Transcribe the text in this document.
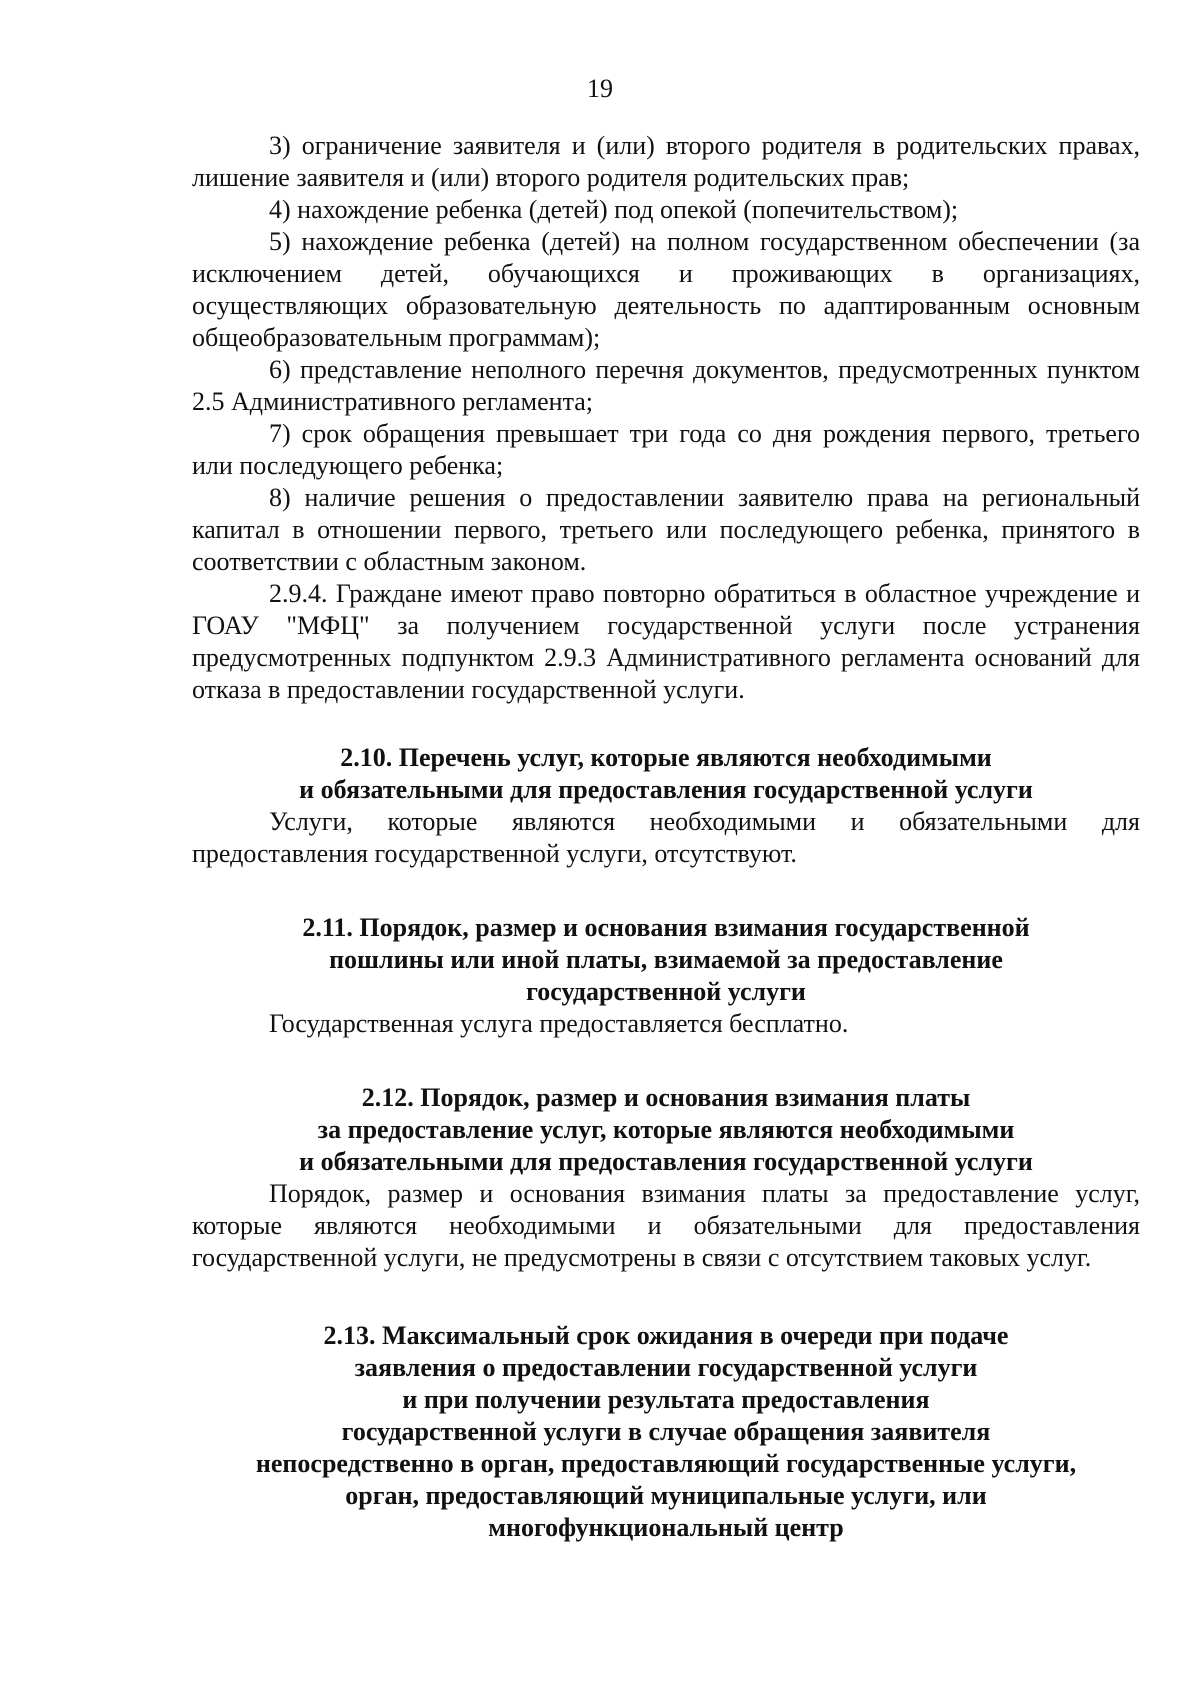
19

3) ограничение заявителя и (или) второго родителя в родительских правах, лишение заявителя и (или) второго родителя родительских прав;

4) нахождение ребенка (детей) под опекой (попечительством);

5) нахождение ребенка (детей) на полном государственном обеспечении (за исключением детей, обучающихся и проживающих в организациях, осуществляющих образовательную деятельность по адаптированным основным общеобразовательным программам);

6) представление неполного перечня документов, предусмотренных пунктом 2.5 Административного регламента;

7) срок обращения превышает три года со дня рождения первого, третьего или последующего ребенка;

8) наличие решения о предоставлении заявителю права на региональный капитал в отношении первого, третьего или последующего ребенка, принятого в соответствии с областным законом.

2.9.4. Граждане имеют право повторно обратиться в областное учреждение и ГОАУ "МФЦ" за получением государственной услуги после устранения предусмотренных подпунктом 2.9.3 Административного регламента оснований для отказа в предоставлении государственной услуги.

2.10. Перечень услуг, которые являются необходимыми
и обязательными для предоставления государственной услуги

Услуги, которые являются необходимыми и обязательными для предоставления государственной услуги, отсутствуют.

2.11. Порядок, размер и основания взимания государственной
пошлины или иной платы, взимаемой за предоставление
государственной услуги

Государственная услуга предоставляется бесплатно.

2.12. Порядок, размер и основания взимания платы
за предоставление услуг, которые являются необходимыми
и обязательными для предоставления государственной услуги

Порядок, размер и основания взимания платы за предоставление услуг, которые являются необходимыми и обязательными для предоставления государственной услуги, не предусмотрены в связи с отсутствием таковых услуг.

2.13. Максимальный срок ожидания в очереди при подаче
заявления о предоставлении государственной услуги
и при получении результата предоставления
государственной услуги в случае обращения заявителя
непосредственно в орган, предоставляющий государственные услуги,
орган, предоставляющий муниципальные услуги, или
многофункциональный центр
